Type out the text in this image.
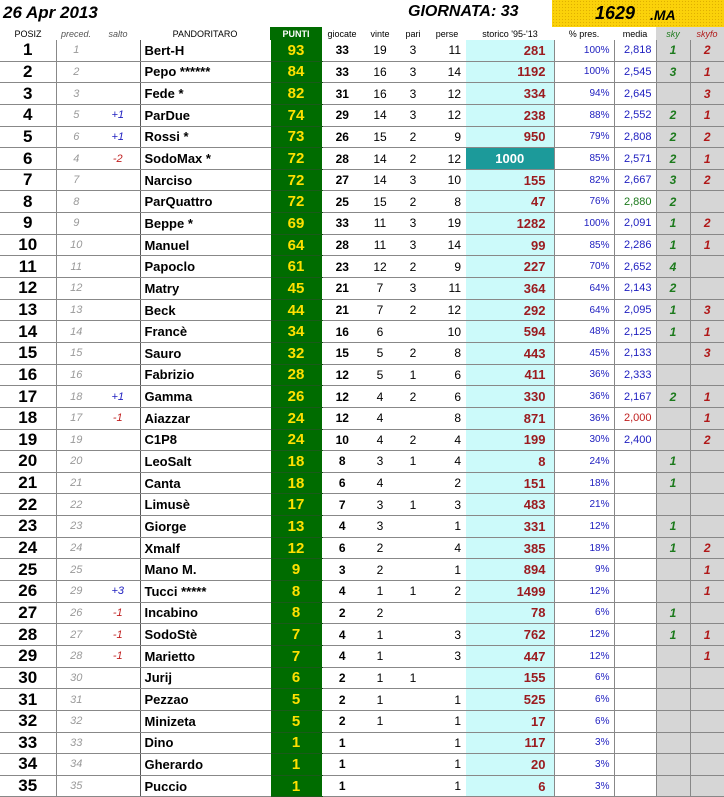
26 Apr 2013	GIORNATA: 33	1629 .MA
POSIZ	preced.	salto	PANDORITARO	PUNTI	giocate	vinte	pari	perse	storico '95-'13	% pres.	media	sky	skyfo
1	1		Bert-H	93	33	19	3	11	281	100%	2,818	1	2
2	2		Pepo ******	84	33	16	3	14	1192	100%	2,545	3	1
3	3		Fede *	82	31	16	3	12	334	94%	2,645		3
4	5	+1	ParDue	74	29	14	3	12	238	88%	2,552	2	1
5	6	+1	Rossi *	73	26	15	2	9	950	79%	2,808	2	2
6	4	-2	SodoMax *	72	28	14	2	12	1000	85%	2,571	2	1
7	7		Narciso	72	27	14	3	10	155	82%	2,667	3	2
8	8		ParQuattro	72	25	15	2	8	47	76%	2,880	2	
9	9		Beppe *	69	33	11	3	19	1282	100%	2,091	1	2
10	10		Manuel	64	28	11	3	14	99	85%	2,286	1	1
11	11		Papoclo	61	23	12	2	9	227	70%	2,652	4	
12	12		Matry	45	21	7	3	11	364	64%	2,143	2	
13	13		Beck	44	21	7	2	12	292	64%	2,095	1	3
14	14		Francè	34	16	6		10	594	48%	2,125	1	1
15	15		Sauro	32	15	5	2	8	443	45%	2,133		3
16	16		Fabrizio	28	12	5	1	6	411	36%	2,333		
17	18	+1	Gamma	26	12	4	2	6	330	36%	2,167	2	1
18	17	-1	Aiazzar	24	12	4		8	871	36%	2,000		1
19	19		C1P8	24	10	4	2	4	199	30%	2,400		2
20	20		LeoSalt	18	8	3	1	4	8	24%		1	
21	21		Canta	18	6	4		2	151	18%		1	
22	22		Limusè	17	7	3	1	3	483	21%			
23	23		Giorge	13	4	3		1	331	12%		1	
24	24		Xmalf	12	6	2		4	385	18%		1	2
25	25		Mano M.	9	3	2		1	894	9%			1
26	29	+3	Tucci *****	8	4	1	1	2	1499	12%			1
27	26	-1	Incabino	8	2	2			78	6%		1	
28	27	-1	SodoStè	7	4	1		3	762	12%		1	1
29	28	-1	Marietto	7	4	1		3	447	12%			1
30	30		Jurij	6	2	1	1		155	6%			
31	31		Pezzao	5	2	1		1	525	6%			
32	32		Minizeta	5	2	1		1	17	6%			
33	33		Dino	1	1			1	117	3%			
34	34		Gherardo	1	1			1	20	3%			
35	35		Puccio	1	1			1	6	3%			
